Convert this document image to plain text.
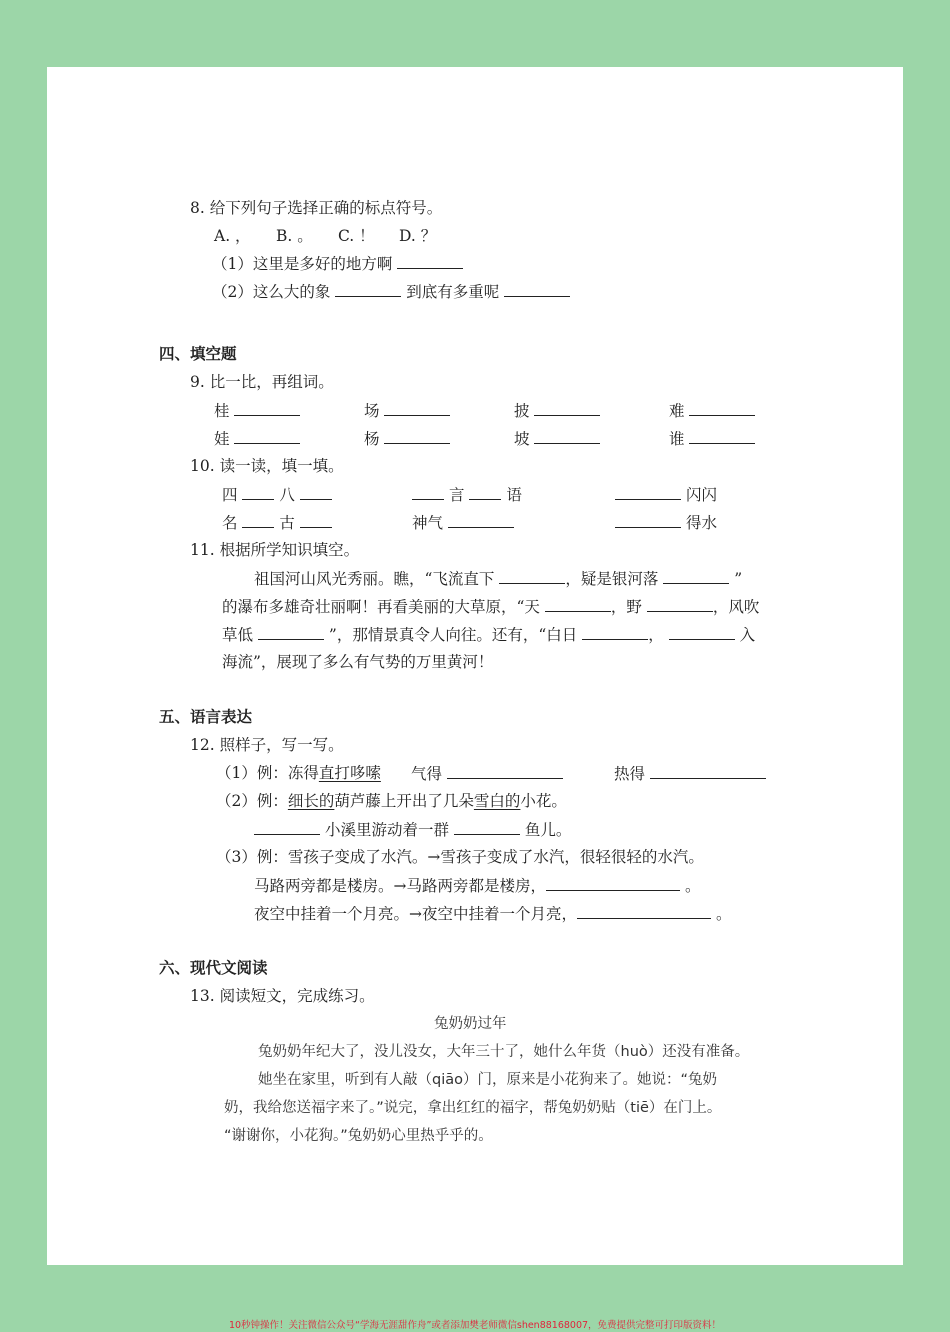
8. 给下列句子选择正确的标点符号。
A. ， B. 。 C. ！ D. ？
（1）这里是多好的地方啊
（2）这么大的象	到底有多重呢
四、填空题
9. 比一比，再组词。
桂	场	披	难
娃	杨	坡	谁
10. 读一读，填一填。
四	八	言	语	闪闪
名	古	神气	得水
11. 根据所学知识填空。
祖国河山风光秀丽。瞧，“飞流直下	，疑是银河落	”
的瀑布多雄奇壮丽啊！再看美丽的大草原，“天	，野	，风吹
草低	”，那情景真令人向往。还有，“白日	，	入
海流”，展现了多么有气势的万里黄河！
五、语言表达
12. 照样子，写一写。
（1）例：冻得直打哆嗦 气得	热得
（2）例：细长的葫芦藤上开出了几朵雪白的小花。
小溪里游动着一群	鱼儿。
（3）例：雪孩子变成了水汽。→雪孩子变成了水汽，很轻很轻的水汽。
马路两旁都是楼房。→马路两旁都是楼房，	。
夜空中挂着一个月亮。→夜空中挂着一个月亮，	。
六、现代文阅读
13. 阅读短文，完成练习。
兔奶奶过年
兔奶奶年纪大了，没儿没女，大年三十了，她什么年货（huò）还没有准备。
她坐在家里，听到有人敲（qiāo）门，原来是小花狗来了。她说：“兔奶
奶，我给您送福字来了。”说完，拿出红红的福字，帮兔奶奶贴（tiē）在门上。
“谢谢你，小花狗。”兔奶奶心里热乎乎的。
10秒钟操作！关注微信公众号“学海无涯甜作舟”或者添加樊老师微信shen88168007，免费提供完整可打印版资料！
